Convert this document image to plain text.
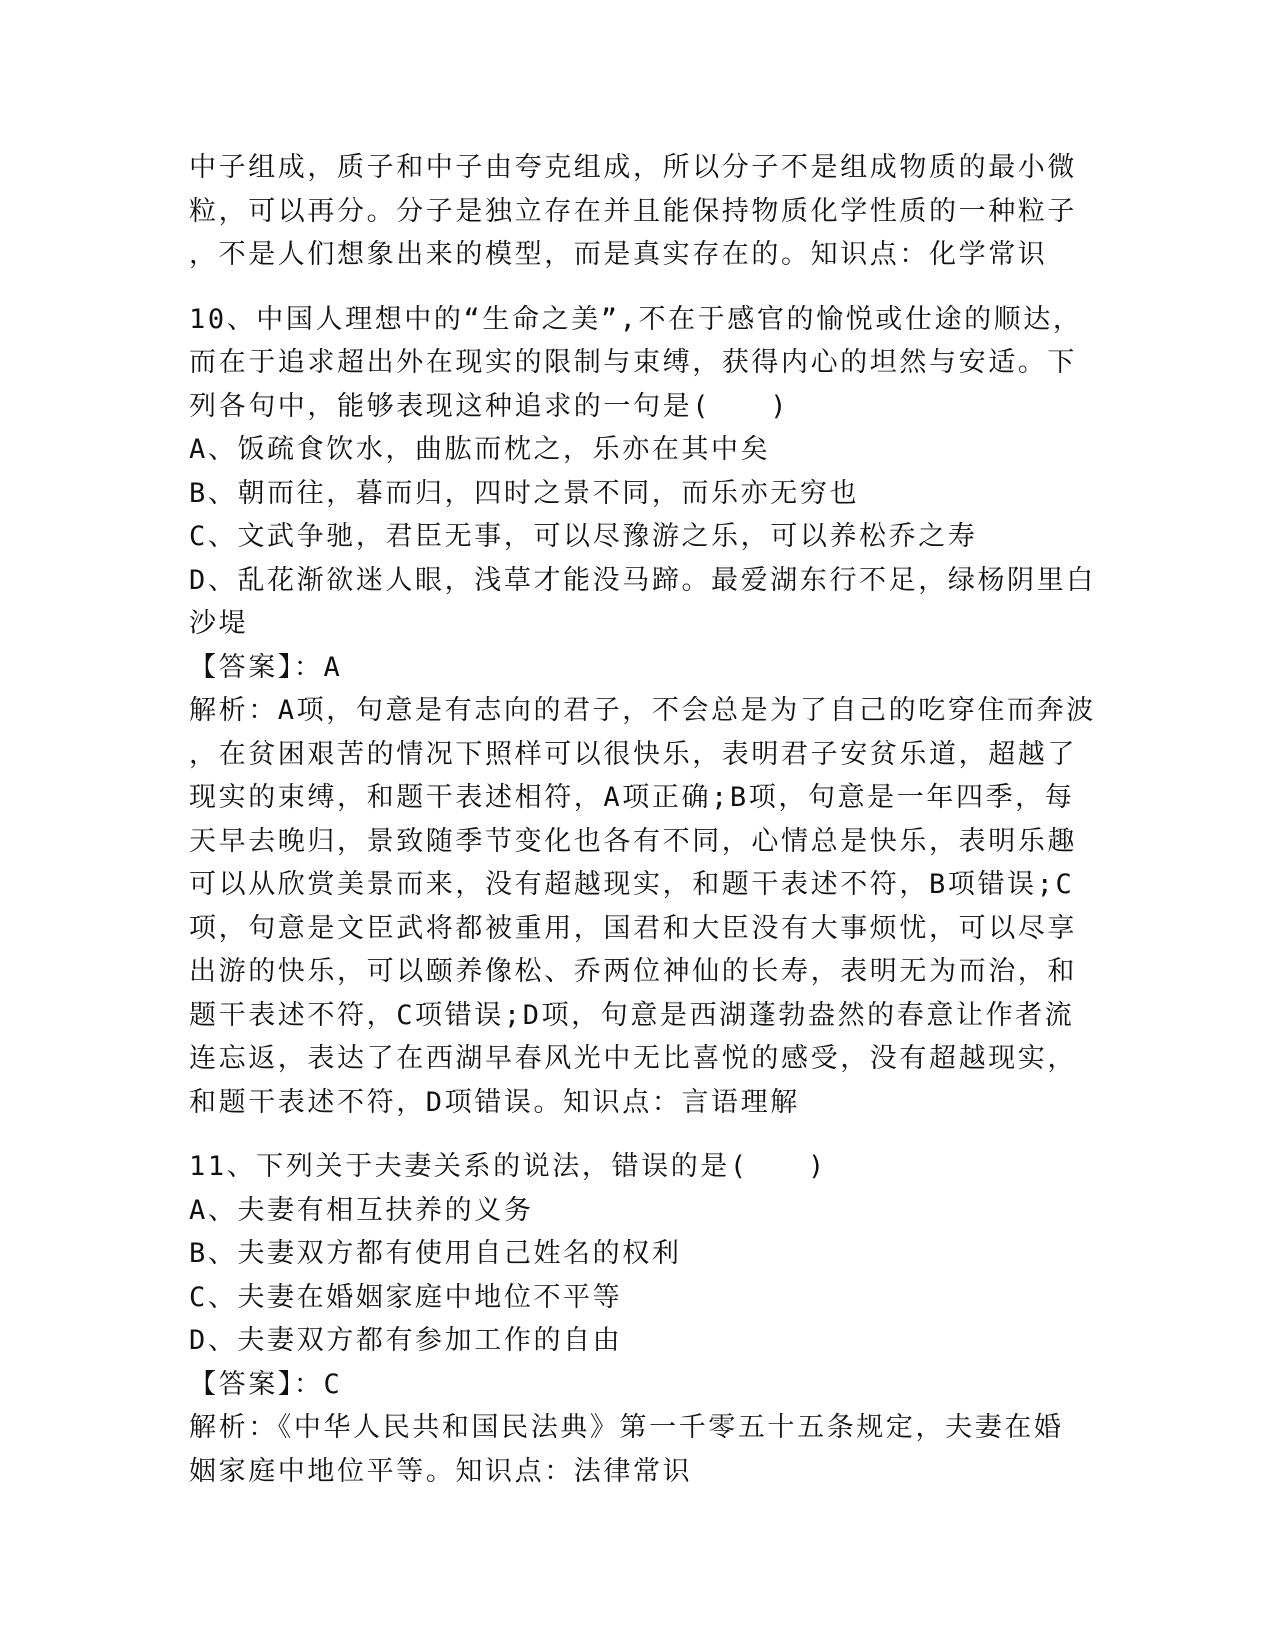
中子组成，质子和中子由夸克组成，所以分子不是组成物质的最小微
粒，可以再分。分子是独立存在并且能保持物质化学性质的一种粒子
，不是人们想象出来的模型，而是真实存在的。知识点：化学常识
10、中国人理想中的“生命之美”,不在于感官的愉悦或仕途的顺达，
而在于追求超出外在现实的限制与束缚，获得内心的坦然与安适。下
列各句中，能够表现这种追求的一句是(　　)
A、饭疏食饮水，曲肱而枕之，乐亦在其中矣
B、朝而往，暮而归，四时之景不同，而乐亦无穷也
C、文武争驰，君臣无事，可以尽豫游之乐，可以养松乔之寿
D、乱花渐欲迷人眼，浅草才能没马蹄。最爱湖东行不足，绿杨阴里白
沙堤
【答案】：A
解析：A项，句意是有志向的君子，不会总是为了自己的吃穿住而奔波
，在贫困艰苦的情况下照样可以很快乐，表明君子安贫乐道，超越了
现实的束缚，和题干表述相符，A项正确;B项，句意是一年四季，每
天早去晚归，景致随季节变化也各有不同，心情总是快乐，表明乐趣
可以从欣赏美景而来，没有超越现实，和题干表述不符，B项错误;C
项，句意是文臣武将都被重用，国君和大臣没有大事烦忧，可以尽享
出游的快乐，可以颐养像松、乔两位神仙的长寿，表明无为而治，和
题干表述不符，C项错误;D项，句意是西湖蓬勃盎然的春意让作者流
连忘返，表达了在西湖早春风光中无比喜悦的感受，没有超越现实，
和题干表述不符，D项错误。知识点：言语理解
11、下列关于夫妻关系的说法，错误的是(　　)
A、夫妻有相互扶养的义务
B、夫妻双方都有使用自己姓名的权利
C、夫妻在婚姻家庭中地位不平等
D、夫妻双方都有参加工作的自由
【答案】：C
解析：《中华人民共和国民法典》第一千零五十五条规定，夫妻在婚
姻家庭中地位平等。知识点：法律常识
